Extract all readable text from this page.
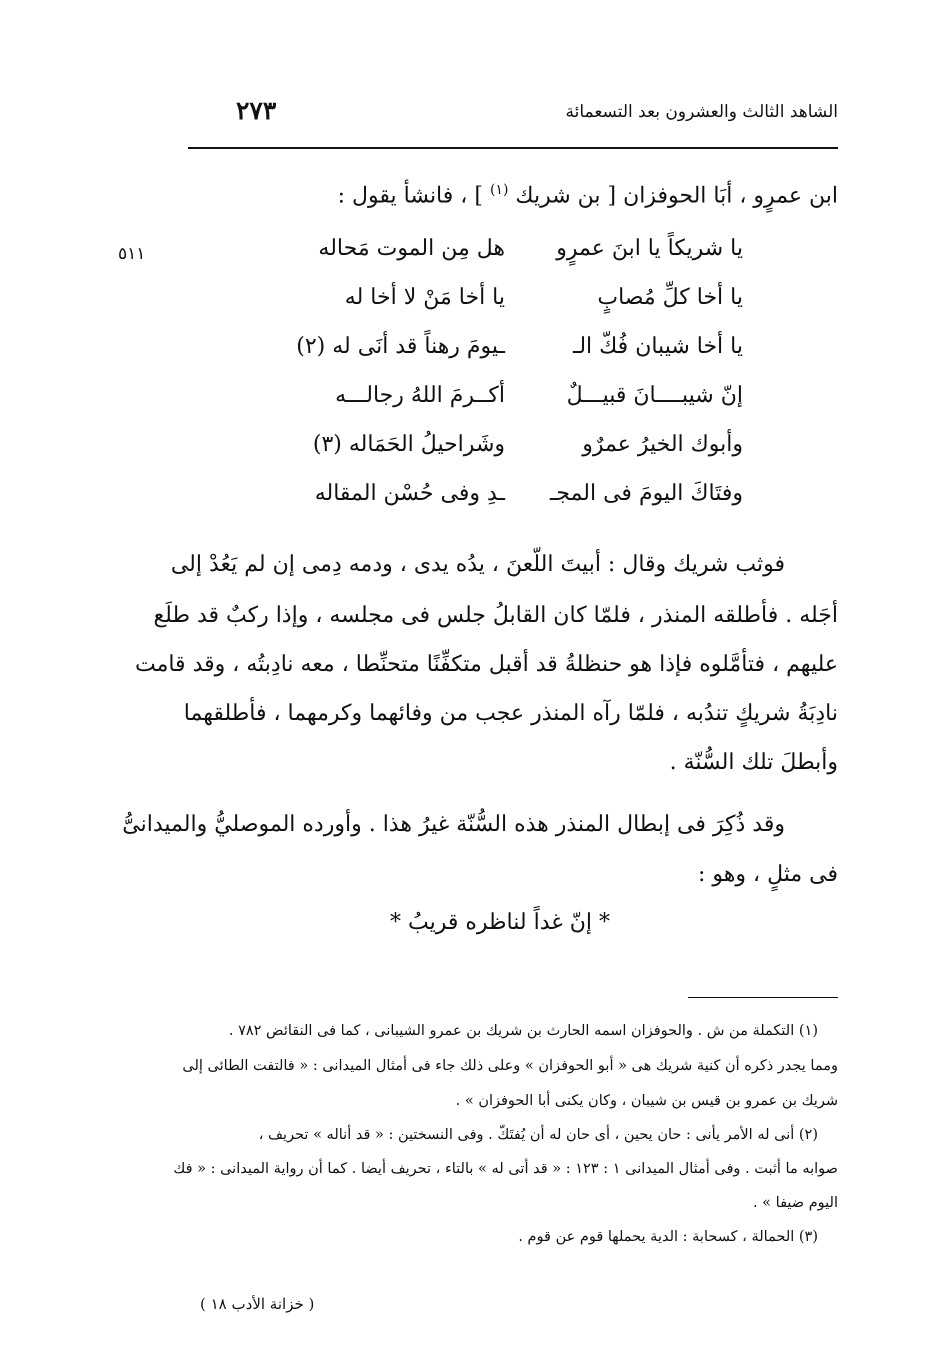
الشاهد الثالث والعشرون بعد التسعمائة
٢٧٣
ابن عمرٍو ، أبَا الحوفزان [ بن شريك $^{(١)}$ ] ، فانشأ يقول :
٥١١	يا شريكاً يا ابنَ عمرٍو
هل مِن الموت مَحاله
يا أخا كلِّ مُصابٍ
يا أخا مَنْ لا أخا له
يا أخا شيبان فُكّ الـ
ـيومَ رهناً قد أنَى له (٢)
إنّ شيبــــانَ قبيـــلٌ
أكــرمَ اللهُ رجالـــه
وأبوك الخيرُ عمرٌو
وشَراحيلُ الحَمَاله (٣)
وفتَاكَ اليومَ فى المجـ
ـدِ وفى حُسْن المقاله
فوثب شريك وقال : أبيتَ اللّعنَ ، يدُه يدى ، ودمه دِمى إن لم يَعُدْ إلى
أجَله . فأطلقه المنذر ، فلمّا كان القابلُ جلس فى مجلسه ، وإذا ركبٌ قد طلَع
عليهم ، فتأمَّلوه فإذا هو حنظلةُ قد أقبل متكفِّنًا متحنِّطا ، معه نادِبتُه ، وقد قامت
نادِبَةُ شريكٍ تندُبه ، فلمّا رآه المنذر عجب من وفائهما وكرمهما ، فأطلقهما
وأبطلَ تلك السُّنّة .
وقد ذُكِرَ فى إبطال المنذر هذه السُّنّة غيرُ هذا . وأورده الموصليُّ والميدانىُّ
فى مثلٍ ، وهو :
* إنّ غداً لناظره قريبُ *
(١) التكملة من ش . والحوفزان اسمه الحارث بن شريك بن عمرو الشيبانى ، كما فى النقائض ٧٨٢ .
ومما يجدر ذكره أن كنية شريك هى « أبو الحوفزان » وعلى ذلك جاء فى أمثال الميدانى : « فالتفت الطائى إلى
شريك بن عمرو بن قيس بن شيبان ، وكان يكنى أبا الحوفزان » .
(٢) أنى له الأمر يأنى : حان يحين ، أى حان له أن يُفتَكّ . وفى النسختين : « قد أناله » تحريف ،
صوابه ما أثبت . وفى أمثال الميدانى ١ : ١٢٣ : « قد أتى له » بالتاء ، تحريف أيضا . كما أن رواية الميدانى : « فك
اليوم ضيفا » .
(٣) الحمالة ، كسحابة : الدية يحملها قوم عن قوم .
( خزانة الأدب ١٨ )
